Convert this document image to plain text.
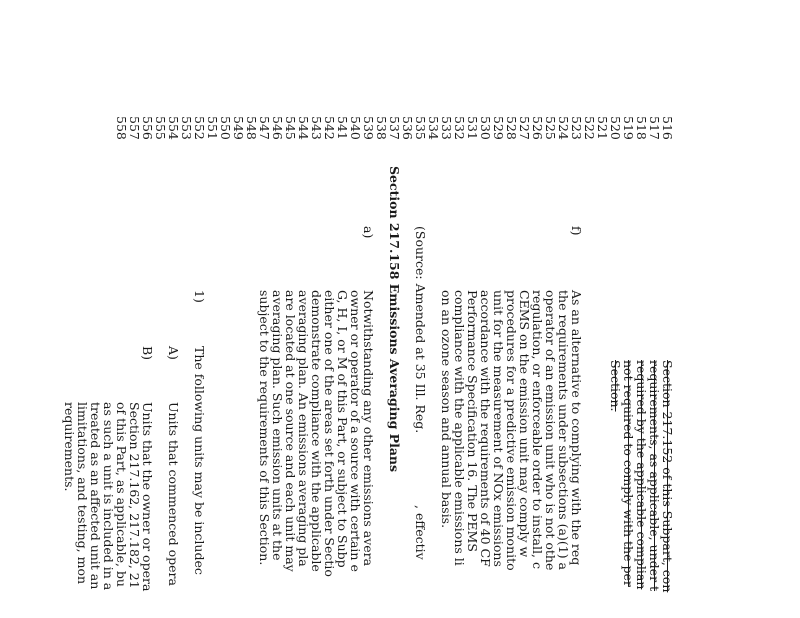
516
517
518
519
520
521
522
523
524
525
526
527
528
529
530
531
532
533
534
535
536
537
538
539
540
541
542
543
544
545
546
547
548
549
550
551
552
553
554
555
556
557
558
Section 217.152 of this Subpart, con
requirements, as applicable, under t
required by the applicable complian
not required to comply with the per
Section.
f)
As an alternative to complying with the req
the requirements under subsections (a)(1) a
operator of an emission unit who is not othe
regulation, or enforceable order to install, c
CEMS on the emission unit may comply w
procedures for a predictive emission monito
unit for the measurement of NOx emissions
accordance with the requirements of 40 CF
Performance Specification 16. The PEMS
compliance with the applicable emissions li
on an ozone season and annual basis.
(Source: Amended at 35 Ill. Reg.
, effectiv
Section 217.158 Emissions Averaging Plans
a)
Notwithstanding any other emissions avera
owner or operator of a source with certain e
G, H, I, or M of this Part, or subject to Subp
either one of the areas set forth under Sectio
demonstrate compliance with the applicable
averaging plan. An emissions averaging pla
are located at one source and each unit may
averaging plan. Such emission units at the
subject to the requirements of this Section.
1)
The following units may be includec
A)
Units that commenced opera
B)
Units that the owner or opera
Section 217.162, 217.182, 21
of this Part, as applicable, bu
as such a unit is included in a
treated as an affected unit an
limitations, and testing, mon
requirements.
